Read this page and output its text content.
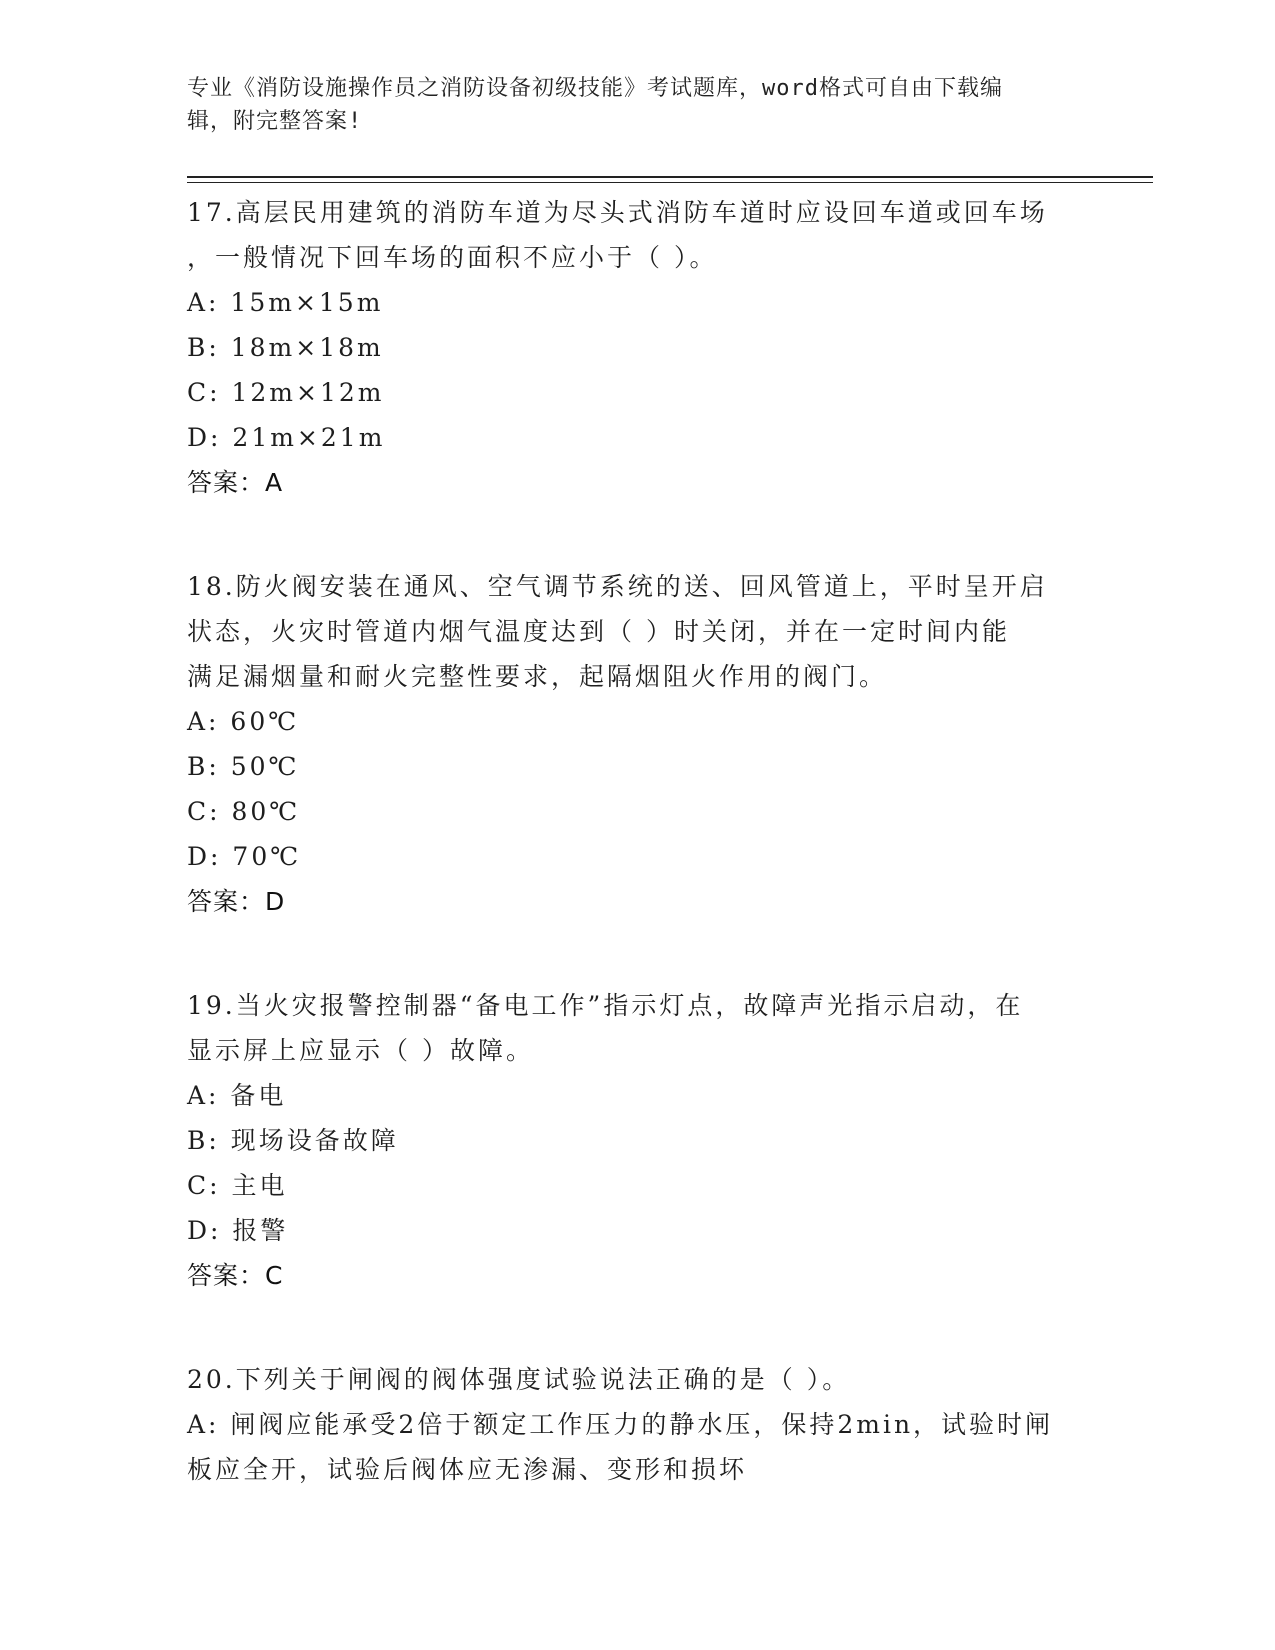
专业《消防设施操作员之消防设备初级技能》考试题库，word格式可自由下载编
辑，附完整答案!

17.高层民用建筑的消防车道为尽头式消防车道时应设回车道或回车场

，一般情况下回车场的面积不应小于（ ）。

A: 15m×15m

B: 18m×18m

C: 12m×12m

D: 21m×21m

答案：A

18.防火阀安装在通风、空气调节系统的送、回风管道上，平时呈开启

状态，火灾时管道内烟气温度达到（ ）时关闭，并在一定时间内能

满足漏烟量和耐火完整性要求，起隔烟阻火作用的阀门。

A: 60℃

B: 50℃

C: 80℃

D: 70℃

答案：D

19.当火灾报警控制器“备电工作”指示灯点，故障声光指示启动，在

显示屏上应显示（ ）故障。

A: 备电

B: 现场设备故障

C: 主电

D: 报警

答案：C

20.下列关于闸阀的阀体强度试验说法正确的是（ ）。

A: 闸阀应能承受2倍于额定工作压力的静水压，保持2min，试验时闸

板应全开，试验后阀体应无渗漏、变形和损坏
